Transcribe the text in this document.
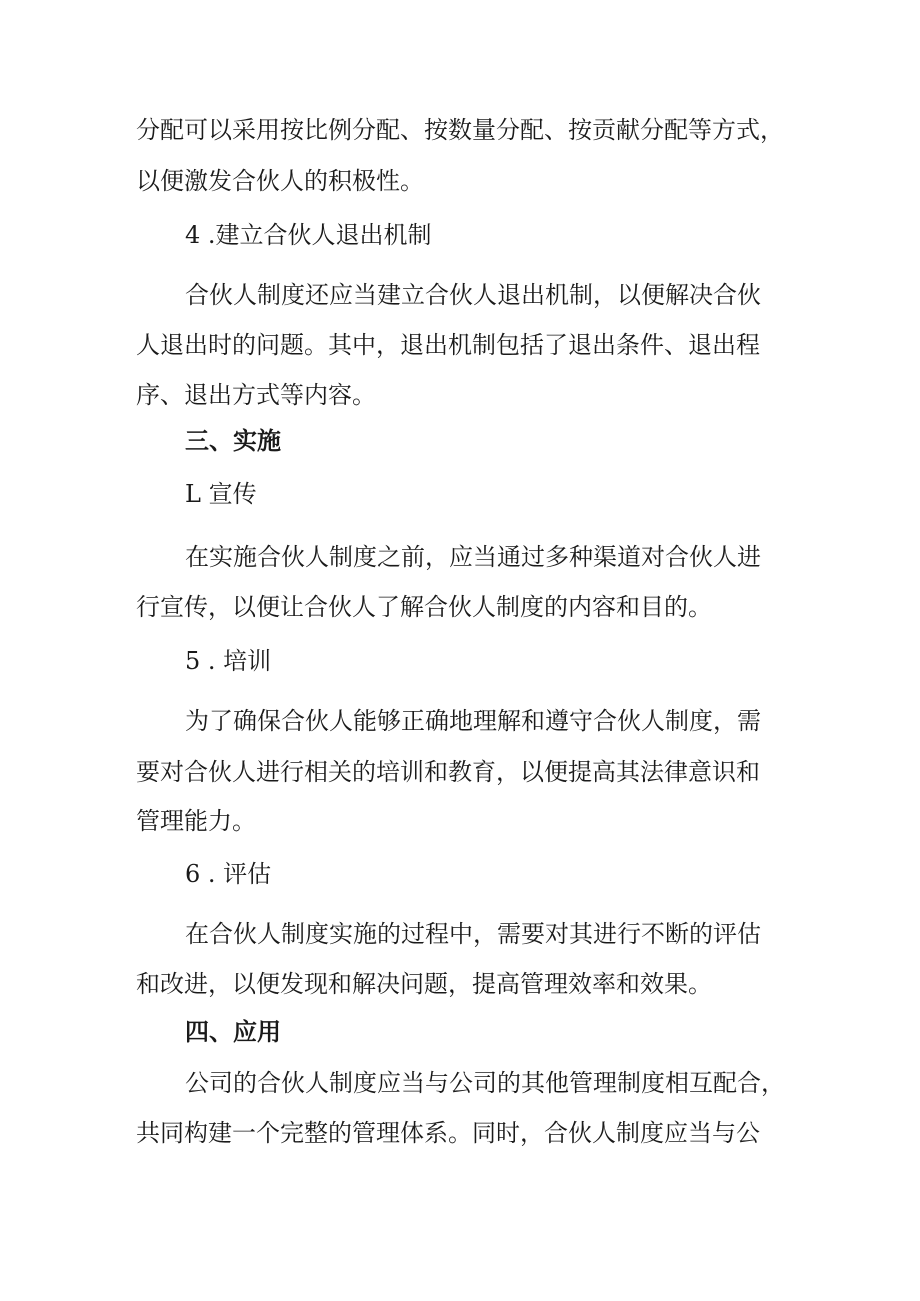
分配可以采用按比例分配、按数量分配、按贡献分配等方式，

以便激发合伙人的积极性。

4 .建立合伙人退出机制

合伙人制度还应当建立合伙人退出机制，以便解决合伙

人退出时的问题。其中，退出机制包括了退出条件、退出程

序、退出方式等内容。

三、实施

L 宣传

在实施合伙人制度之前，应当通过多种渠道对合伙人进

行宣传，以便让合伙人了解合伙人制度的内容和目的。

5 . 培训

为了确保合伙人能够正确地理解和遵守合伙人制度，需

要对合伙人进行相关的培训和教育，以便提高其法律意识和

管理能力。

6 . 评估

在合伙人制度实施的过程中，需要对其进行不断的评估

和改进，以便发现和解决问题，提高管理效率和效果。

四、应用

公司的合伙人制度应当与公司的其他管理制度相互配合，

共同构建一个完整的管理体系。同时，合伙人制度应当与公
